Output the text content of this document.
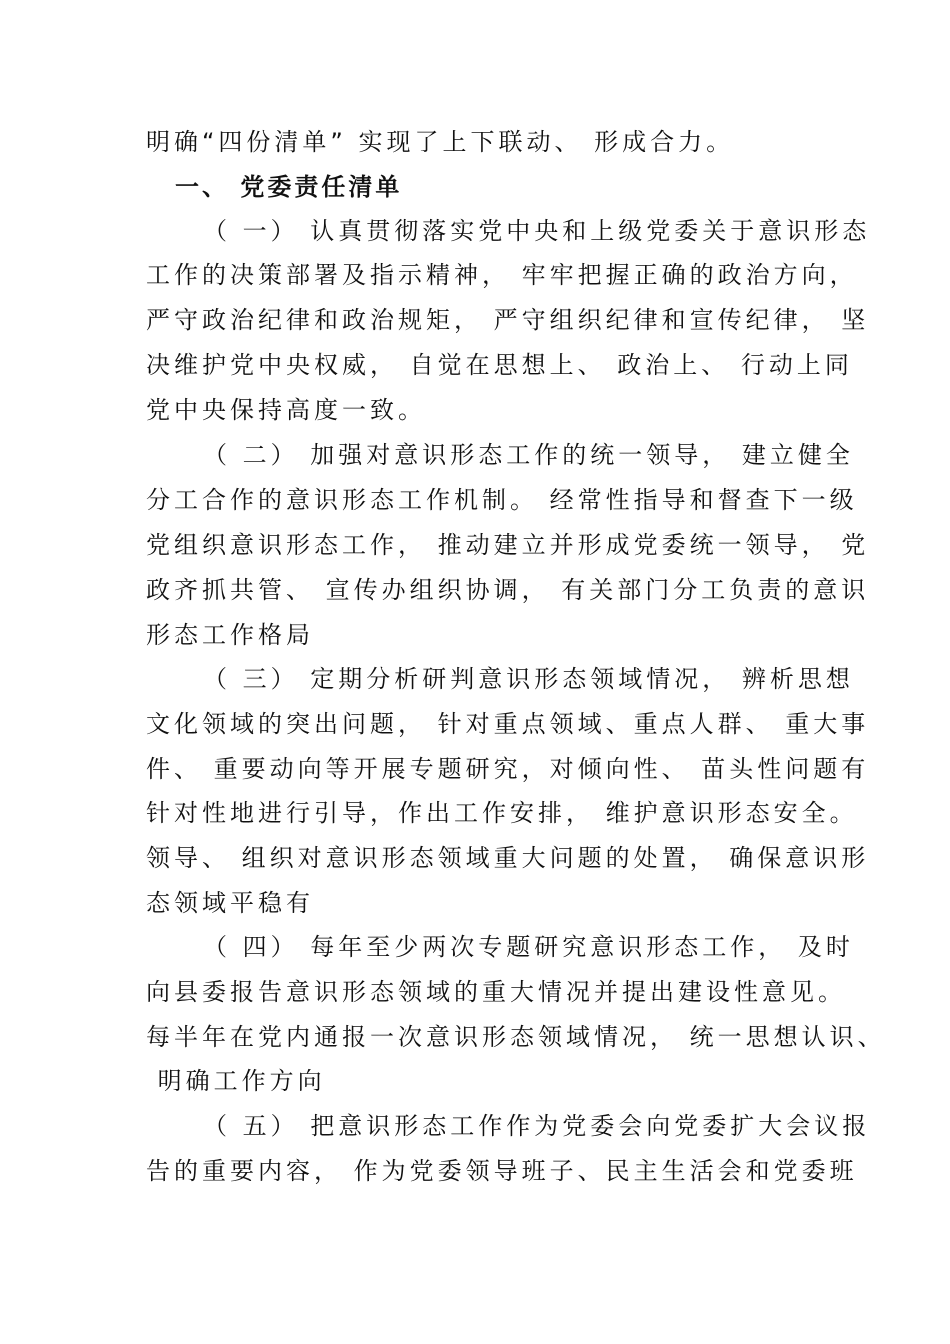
明确“四份清单” 实现了上下联动、 形成合力。
一、 党委责任清单
（ 一） 认真贯彻落实党中央和上级党委关于意识形态
工作的决策部署及指示精神， 牢牢把握正确的政治方向，
严守政治纪律和政治规矩， 严守组织纪律和宣传纪律， 坚
决维护党中央权威， 自觉在思想上、 政治上、 行动上同
党中央保持高度一致。
（ 二） 加强对意识形态工作的统一领导， 建立健全
分工合作的意识形态工作机制。 经常性指导和督查下一级
党组织意识形态工作， 推动建立并形成党委统一领导， 党
政齐抓共管、 宣传办组织协调， 有关部门分工负责的意识
形态工作格局
（ 三） 定期分析研判意识形态领域情况， 辨析思想
文化领域的突出问题， 针对重点领域、重点人群、 重大事
件、 重要动向等开展专题研究，对倾向性、 苗头性问题有
针对性地进行引导，作出工作安排， 维护意识形态安全。
领导、 组织对意识形态领域重大问题的处置， 确保意识形
态领域平稳有
（ 四） 每年至少两次专题研究意识形态工作， 及时
向县委报告意识形态领域的重大情况并提出建设性意见。
每半年在党内通报一次意识形态领域情况， 统一思想认识、
明确工作方向
（ 五） 把意识形态工作作为党委会向党委扩大会议报
告的重要内容， 作为党委领导班子、民主生活会和党委班
